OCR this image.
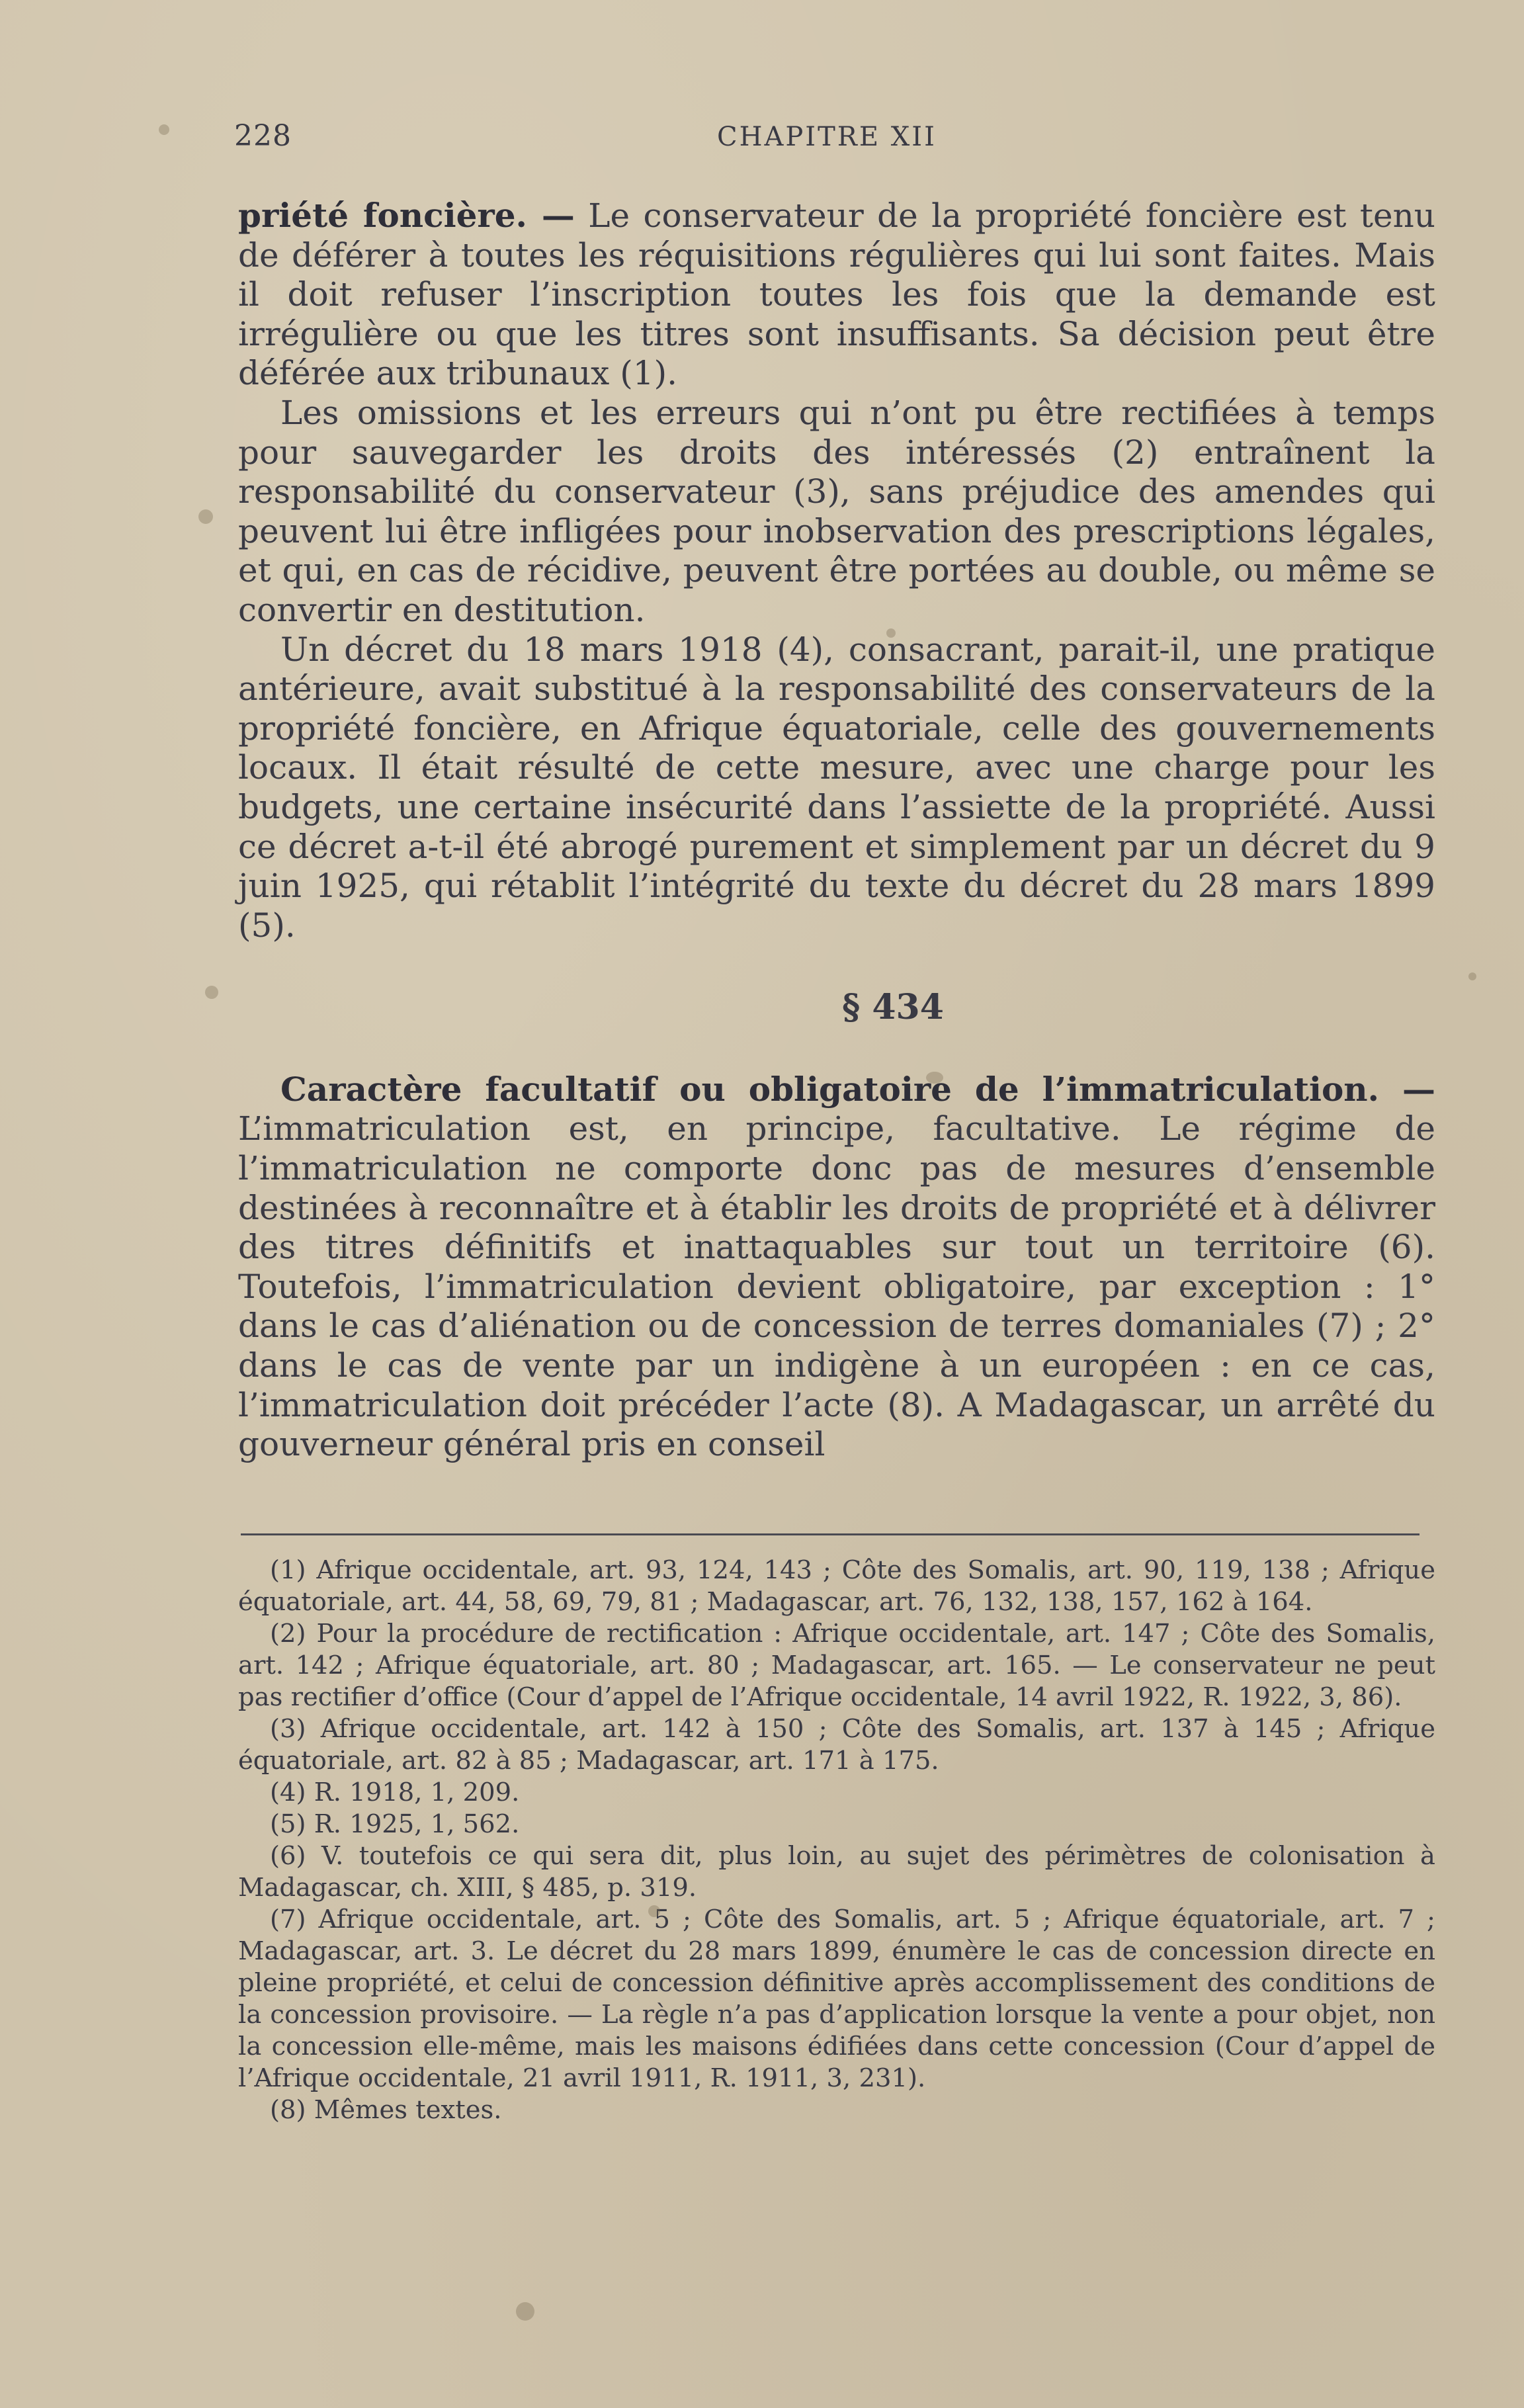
228	CHAPITRE XII

priété foncière. — Le conservateur de la propriété foncière est tenu de déférer à toutes les réquisitions régulières qui lui sont faites. Mais il doit refuser l’inscription toutes les fois que la demande est irrégulière ou que les titres sont insuffisants. Sa décision peut être déférée aux tribunaux (1).

Les omissions et les erreurs qui n’ont pu être rectifiées à temps pour sauvegarder les droits des intéressés (2) entraînent la responsabilité du conservateur (3), sans préjudice des amendes qui peuvent lui être infligées pour inobservation des prescriptions légales, et qui, en cas de récidive, peuvent être portées au double, ou même se convertir en destitution.

Un décret du 18 mars 1918 (4), consacrant, parait-il, une pratique antérieure, avait substitué à la responsabilité des conservateurs de la propriété foncière, en Afrique équatoriale, celle des gouvernements locaux. Il était résulté de cette mesure, avec une charge pour les budgets, une certaine insécurité dans l’assiette de la propriété. Aussi ce décret a-t-il été abrogé purement et simplement par un décret du 9 juin 1925, qui rétablit l’intégrité du texte du décret du 28 mars 1899 (5).

§ 434

Caractère facultatif ou obligatoire de l’immatriculation. — L’immatriculation est, en principe, facultative. Le régime de l’immatriculation ne comporte donc pas de mesures d’ensemble destinées à reconnaître et à établir les droits de propriété et à délivrer des titres définitifs et inattaquables sur tout un territoire (6). Toutefois, l’immatriculation devient obligatoire, par exception : 1° dans le cas d’aliénation ou de concession de terres domaniales (7) ; 2° dans le cas de vente par un indigène à un européen : en ce cas, l’immatriculation doit précéder l’acte (8). A Madagascar, un arrêté du gouverneur général pris en conseil

(1) Afrique occidentale, art. 93, 124, 143 ; Côte des Somalis, art. 90, 119, 138 ; Afrique équatoriale, art. 44, 58, 69, 79, 81 ; Madagascar, art. 76, 132, 138, 157, 162 à 164.

(2) Pour la procédure de rectification : Afrique occidentale, art. 147 ; Côte des Somalis, art. 142 ; Afrique équatoriale, art. 80 ; Madagascar, art. 165. — Le conservateur ne peut pas rectifier d’office (Cour d’appel de l’Afrique occidentale, 14 avril 1922, R. 1922, 3, 86).

(3) Afrique occidentale, art. 142 à 150 ; Côte des Somalis, art. 137 à 145 ; Afrique équatoriale, art. 82 à 85 ; Madagascar, art. 171 à 175.

(4) R. 1918, 1, 209.

(5) R. 1925, 1, 562.

(6) V. toutefois ce qui sera dit, plus loin, au sujet des périmètres de colonisation à Madagascar, ch. XIII, § 485, p. 319.

(7) Afrique occidentale, art. 5 ; Côte des Somalis, art. 5 ; Afrique équatoriale, art. 7 ; Madagascar, art. 3. Le décret du 28 mars 1899, énumère le cas de concession directe en pleine propriété, et celui de concession définitive après accomplissement des conditions de la concession provisoire. — La règle n’a pas d’application lorsque la vente a pour objet, non la concession elle-même, mais les maisons édifiées dans cette concession (Cour d’appel de l’Afrique occidentale, 21 avril 1911, R. 1911, 3, 231).

(8) Mêmes textes.
